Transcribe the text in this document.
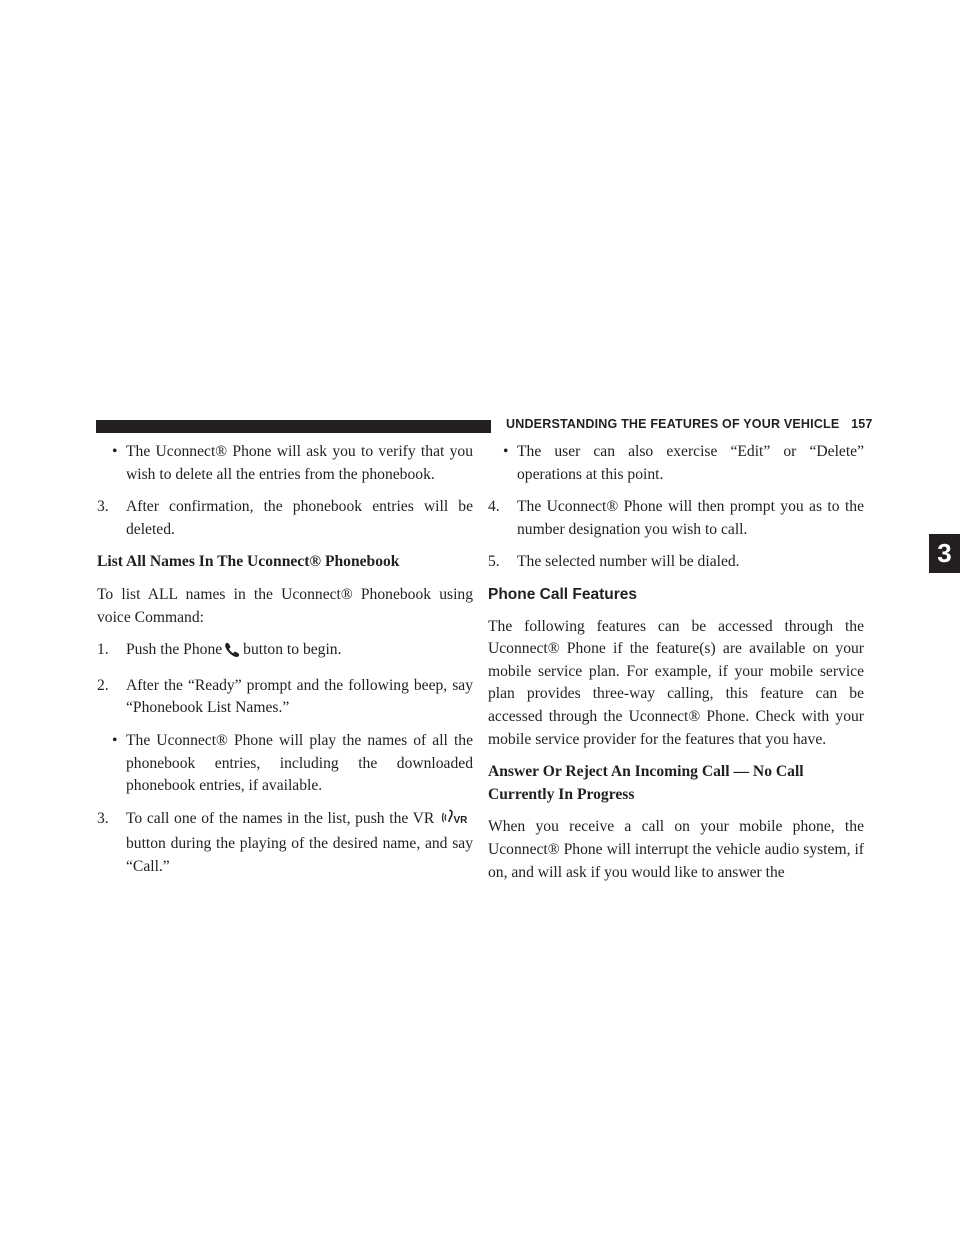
UNDERSTANDING THE FEATURES OF YOUR VEHICLE 157
• The Uconnect® Phone will ask you to verify that you wish to delete all the entries from the phonebook.
3. After confirmation, the phonebook entries will be deleted.
List All Names In The Uconnect® Phonebook
To list ALL names in the Uconnect® Phonebook using voice Command:
1. Push the Phone button to begin.
2. After the “Ready” prompt and the following beep, say “Phonebook List Names.”
• The Uconnect® Phone will play the names of all the phonebook entries, including the downloaded phonebook entries, if available.
3. To call one of the names in the list, push the VR VR
button during the playing of the desired name, and say “Call.”
• The user can also exercise “Edit” or “Delete” operations at this point.
4. The Uconnect® Phone will then prompt you as to the number designation you wish to call.
5. The selected number will be dialed.
Phone Call Features
The following features can be accessed through the Uconnect® Phone if the feature(s) are available on your mobile service plan. For example, if your mobile service plan provides three-way calling, this feature can be accessed through the Uconnect® Phone. Check with your mobile service provider for the features that you have.
Answer Or Reject An Incoming Call — No Call Currently In Progress
When you receive a call on your mobile phone, the Uconnect® Phone will interrupt the vehicle audio system, if on, and will ask if you would like to answer the
3
